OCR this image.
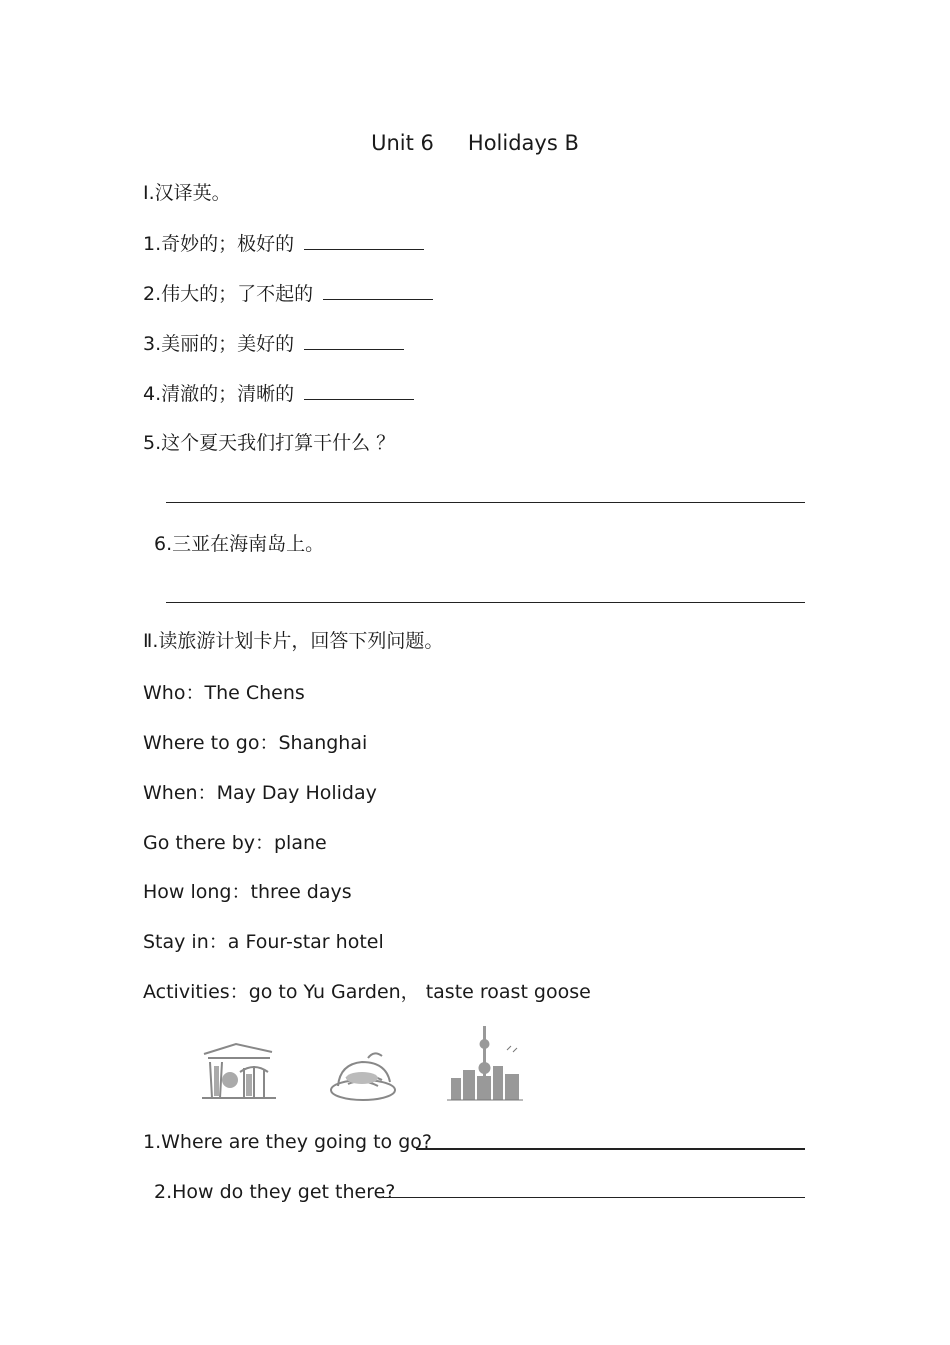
Unit 6 Holidays B
I.汉译英。
1.奇妙的；极好的
2.伟大的；了不起的
3.美丽的；美好的
4.清澈的；清晰的
5.这个夏天我们打算干什么 ？
6.三亚在海南岛上。
Ⅱ.读旅游计划卡片，回答下列问题。
Who：The Chens
Where to go：Shanghai
When：May Day Holiday
Go there by：plane
How long：three days
Stay in：a Four-star hotel
Activities：go to Yu Garden， taste roast goose
1.Where are they going to go?
2.How do they get there?
